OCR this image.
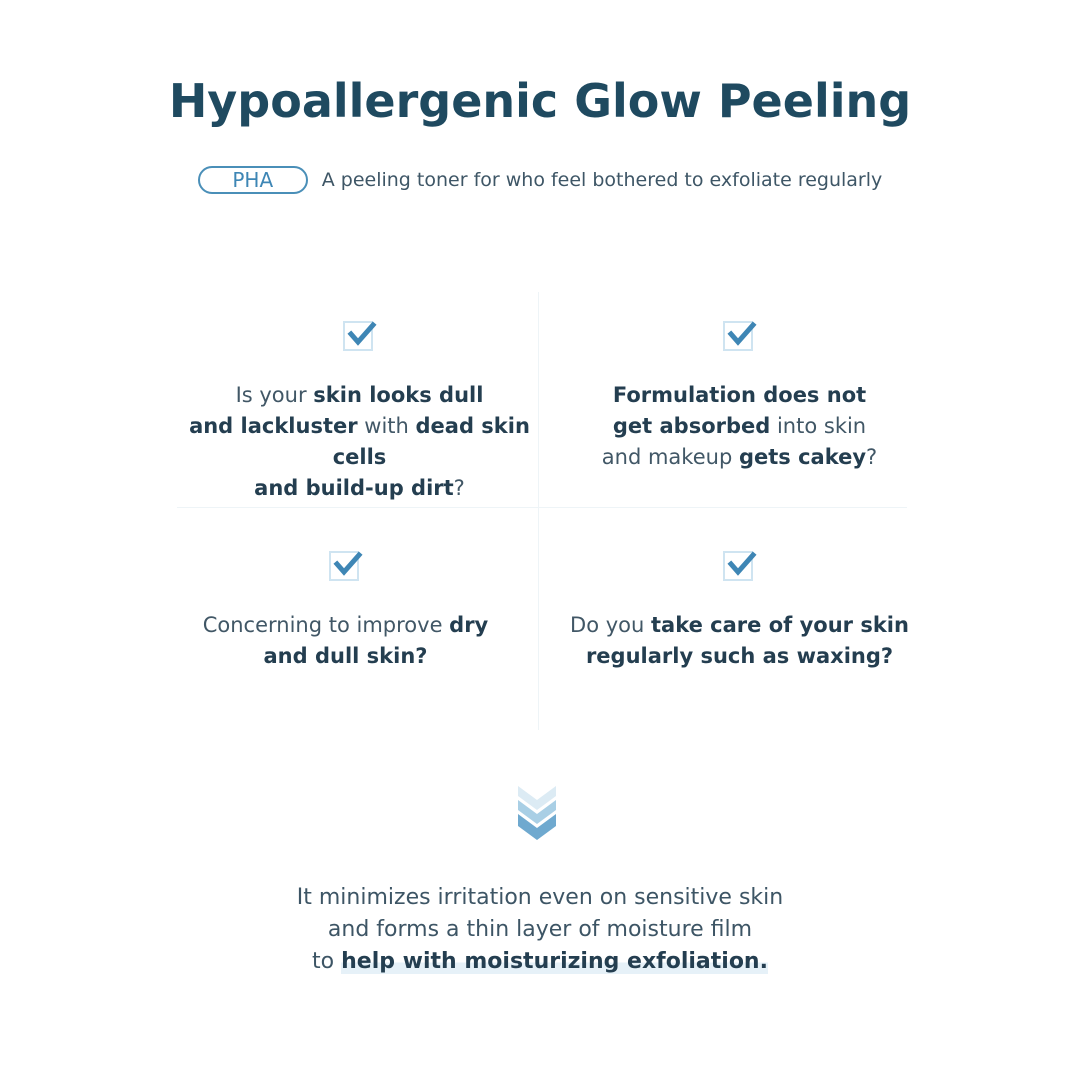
Hypoallergenic Glow Peeling
PHA	A peeling toner for who feel bothered to exfoliate regularly
Is your skin looks dull
and lackluster with dead skin cells
and build-up dirt?
Formulation does not
get absorbed into skin
and makeup gets cakey?
Concerning to improve dry
and dull skin?
Do you take care of your skin
regularly such as waxing?
It minimizes irritation even on sensitive skin
and forms a thin layer of moisture film
to help with moisturizing exfoliation.
